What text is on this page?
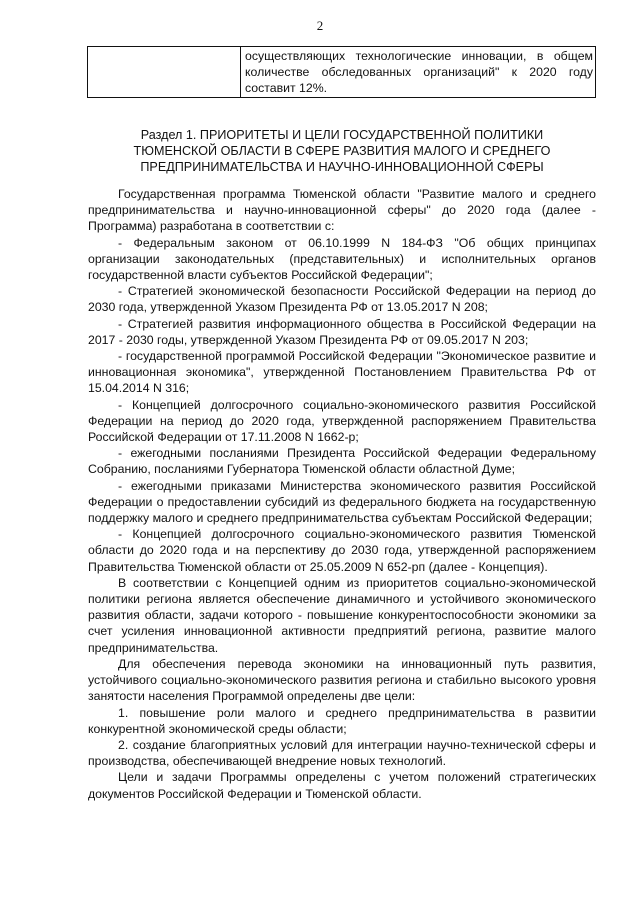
2
осуществляющих технологические инновации, в общем количестве обследованных организаций" к 2020 году составит 12%.
Раздел 1. ПРИОРИТЕТЫ И ЦЕЛИ ГОСУДАРСТВЕННОЙ ПОЛИТИКИ ТЮМЕНСКОЙ ОБЛАСТИ В СФЕРЕ РАЗВИТИЯ МАЛОГО И СРЕДНЕГО ПРЕДПРИНИМАТЕЛЬСТВА И НАУЧНО-ИННОВАЦИОННОЙ СФЕРЫ

Государственная программа Тюменской области "Развитие малого и среднего предпринимательства и научно-инновационной сферы" до 2020 года (далее - Программа) разработана в соответствии с:

- Федеральным законом от 06.10.1999 N 184-ФЗ "Об общих принципах организации законодательных (представительных) и исполнительных органов государственной власти субъектов Российской Федерации";

- Стратегией экономической безопасности Российской Федерации на период до 2030 года, утвержденной Указом Президента РФ от 13.05.2017 N 208;

- Стратегией развития информационного общества в Российской Федерации на 2017 - 2030 годы, утвержденной Указом Президента РФ от 09.05.2017 N 203;

- государственной программой Российской Федерации "Экономическое развитие и инновационная экономика", утвержденной Постановлением Правительства РФ от 15.04.2014 N 316;

- Концепцией долгосрочного социально-экономического развития Российской Федерации на период до 2020 года, утвержденной распоряжением Правительства Российской Федерации от 17.11.2008 N 1662-р;

- ежегодными посланиями Президента Российской Федерации Федеральному Собранию, посланиями Губернатора Тюменской области областной Думе;

- ежегодными приказами Министерства экономического развития Российской Федерации о предоставлении субсидий из федерального бюджета на государственную поддержку малого и среднего предпринимательства субъектам Российской Федерации;

- Концепцией долгосрочного социально-экономического развития Тюменской области до 2020 года и на перспективу до 2030 года, утвержденной распоряжением Правительства Тюменской области от 25.05.2009 N 652-рп (далее - Концепция).

В соответствии с Концепцией одним из приоритетов социально-экономической политики региона является обеспечение динамичного и устойчивого экономического развития области, задачи которого - повышение конкурентоспособности экономики за счет усиления инновационной активности предприятий региона, развитие малого предпринимательства.

Для обеспечения перевода экономики на инновационный путь развития, устойчивого социально-экономического развития региона и стабильно высокого уровня занятости населения Программой определены две цели:

1. повышение роли малого и среднего предпринимательства в развитии конкурентной экономической среды области;

2. создание благоприятных условий для интеграции научно-технической сферы и производства, обеспечивающей внедрение новых технологий.

Цели и задачи Программы определены с учетом положений стратегических документов Российской Федерации и Тюменской области.
